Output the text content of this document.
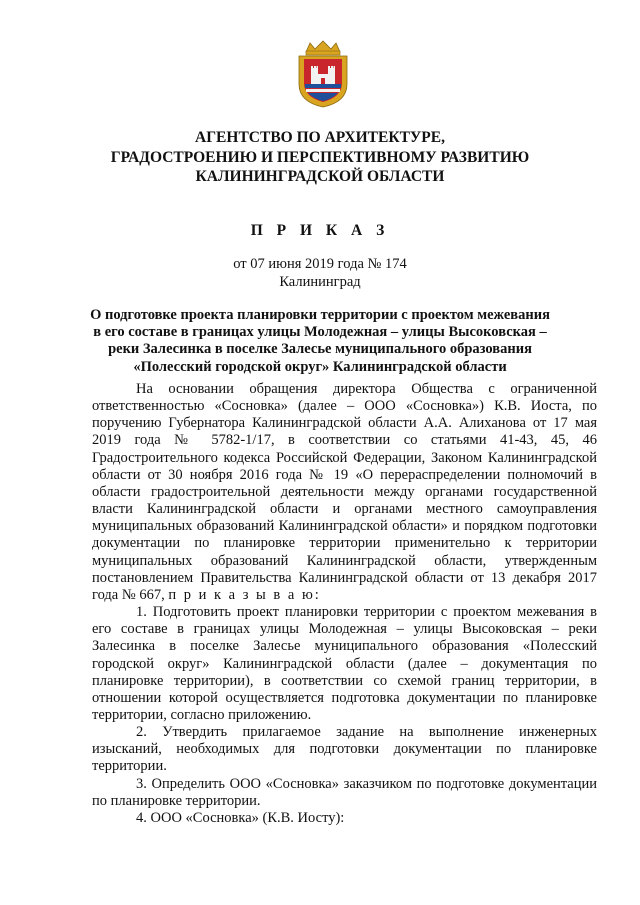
АГЕНТСТВО ПО АРХИТЕКТУРЕ,
ГРАДОСТРОЕНИЮ И ПЕРСПЕКТИВНОМУ РАЗВИТИЮ
КАЛИНИНГРАДСКОЙ ОБЛАСТИ
П Р И К А З
от 07 июня 2019 года № 174
Калининград
О подготовке проекта планировки территории с проектом межевания
в его составе в границах улицы Молодежная – улицы Высоковская –
реки Залесинка в поселке Залесье муниципального образования
«Полесский городской округ» Калининградской области

На основании обращения директора Общества с ограниченной ответственностью «Сосновка» (далее – ООО «Сосновка») К.В. Иоста, по поручению Губернатора Калининградской области А.А. Алиханова от 17 мая 2019 года № 5782-1/17, в соответствии со статьями 41-43, 45, 46 Градостроительного кодекса Российской Федерации, Законом Калининградской области от 30 ноября 2016 года № 19 «О перераспределении полномочий в области градостроительной деятельности между органами государственной власти Калининградской области и органами местного самоуправления муниципальных образований Калининградской области» и порядком подготовки документации по планировке территории применительно к территории муниципальных образований Калининградской области, утвержденным постановлением Правительства Калининградской области от 13 декабря 2017 года № 667, п р и к а з ы в а ю:

1. Подготовить проект планировки территории с проектом межевания в его составе в границах улицы Молодежная – улицы Высоковская – реки Залесинка в поселке Залесье муниципального образования «Полесский городской округ» Калининградской области (далее – документация по планировке территории), в соответствии со схемой границ территории, в отношении которой осуществляется подготовка документации по планировке территории, согласно приложению.

2. Утвердить прилагаемое задание на выполнение инженерных изысканий, необходимых для подготовки документации по планировке территории.

3. Определить ООО «Сосновка» заказчиком по подготовке документации по планировке территории.

4. ООО «Сосновка» (К.В. Иосту):
